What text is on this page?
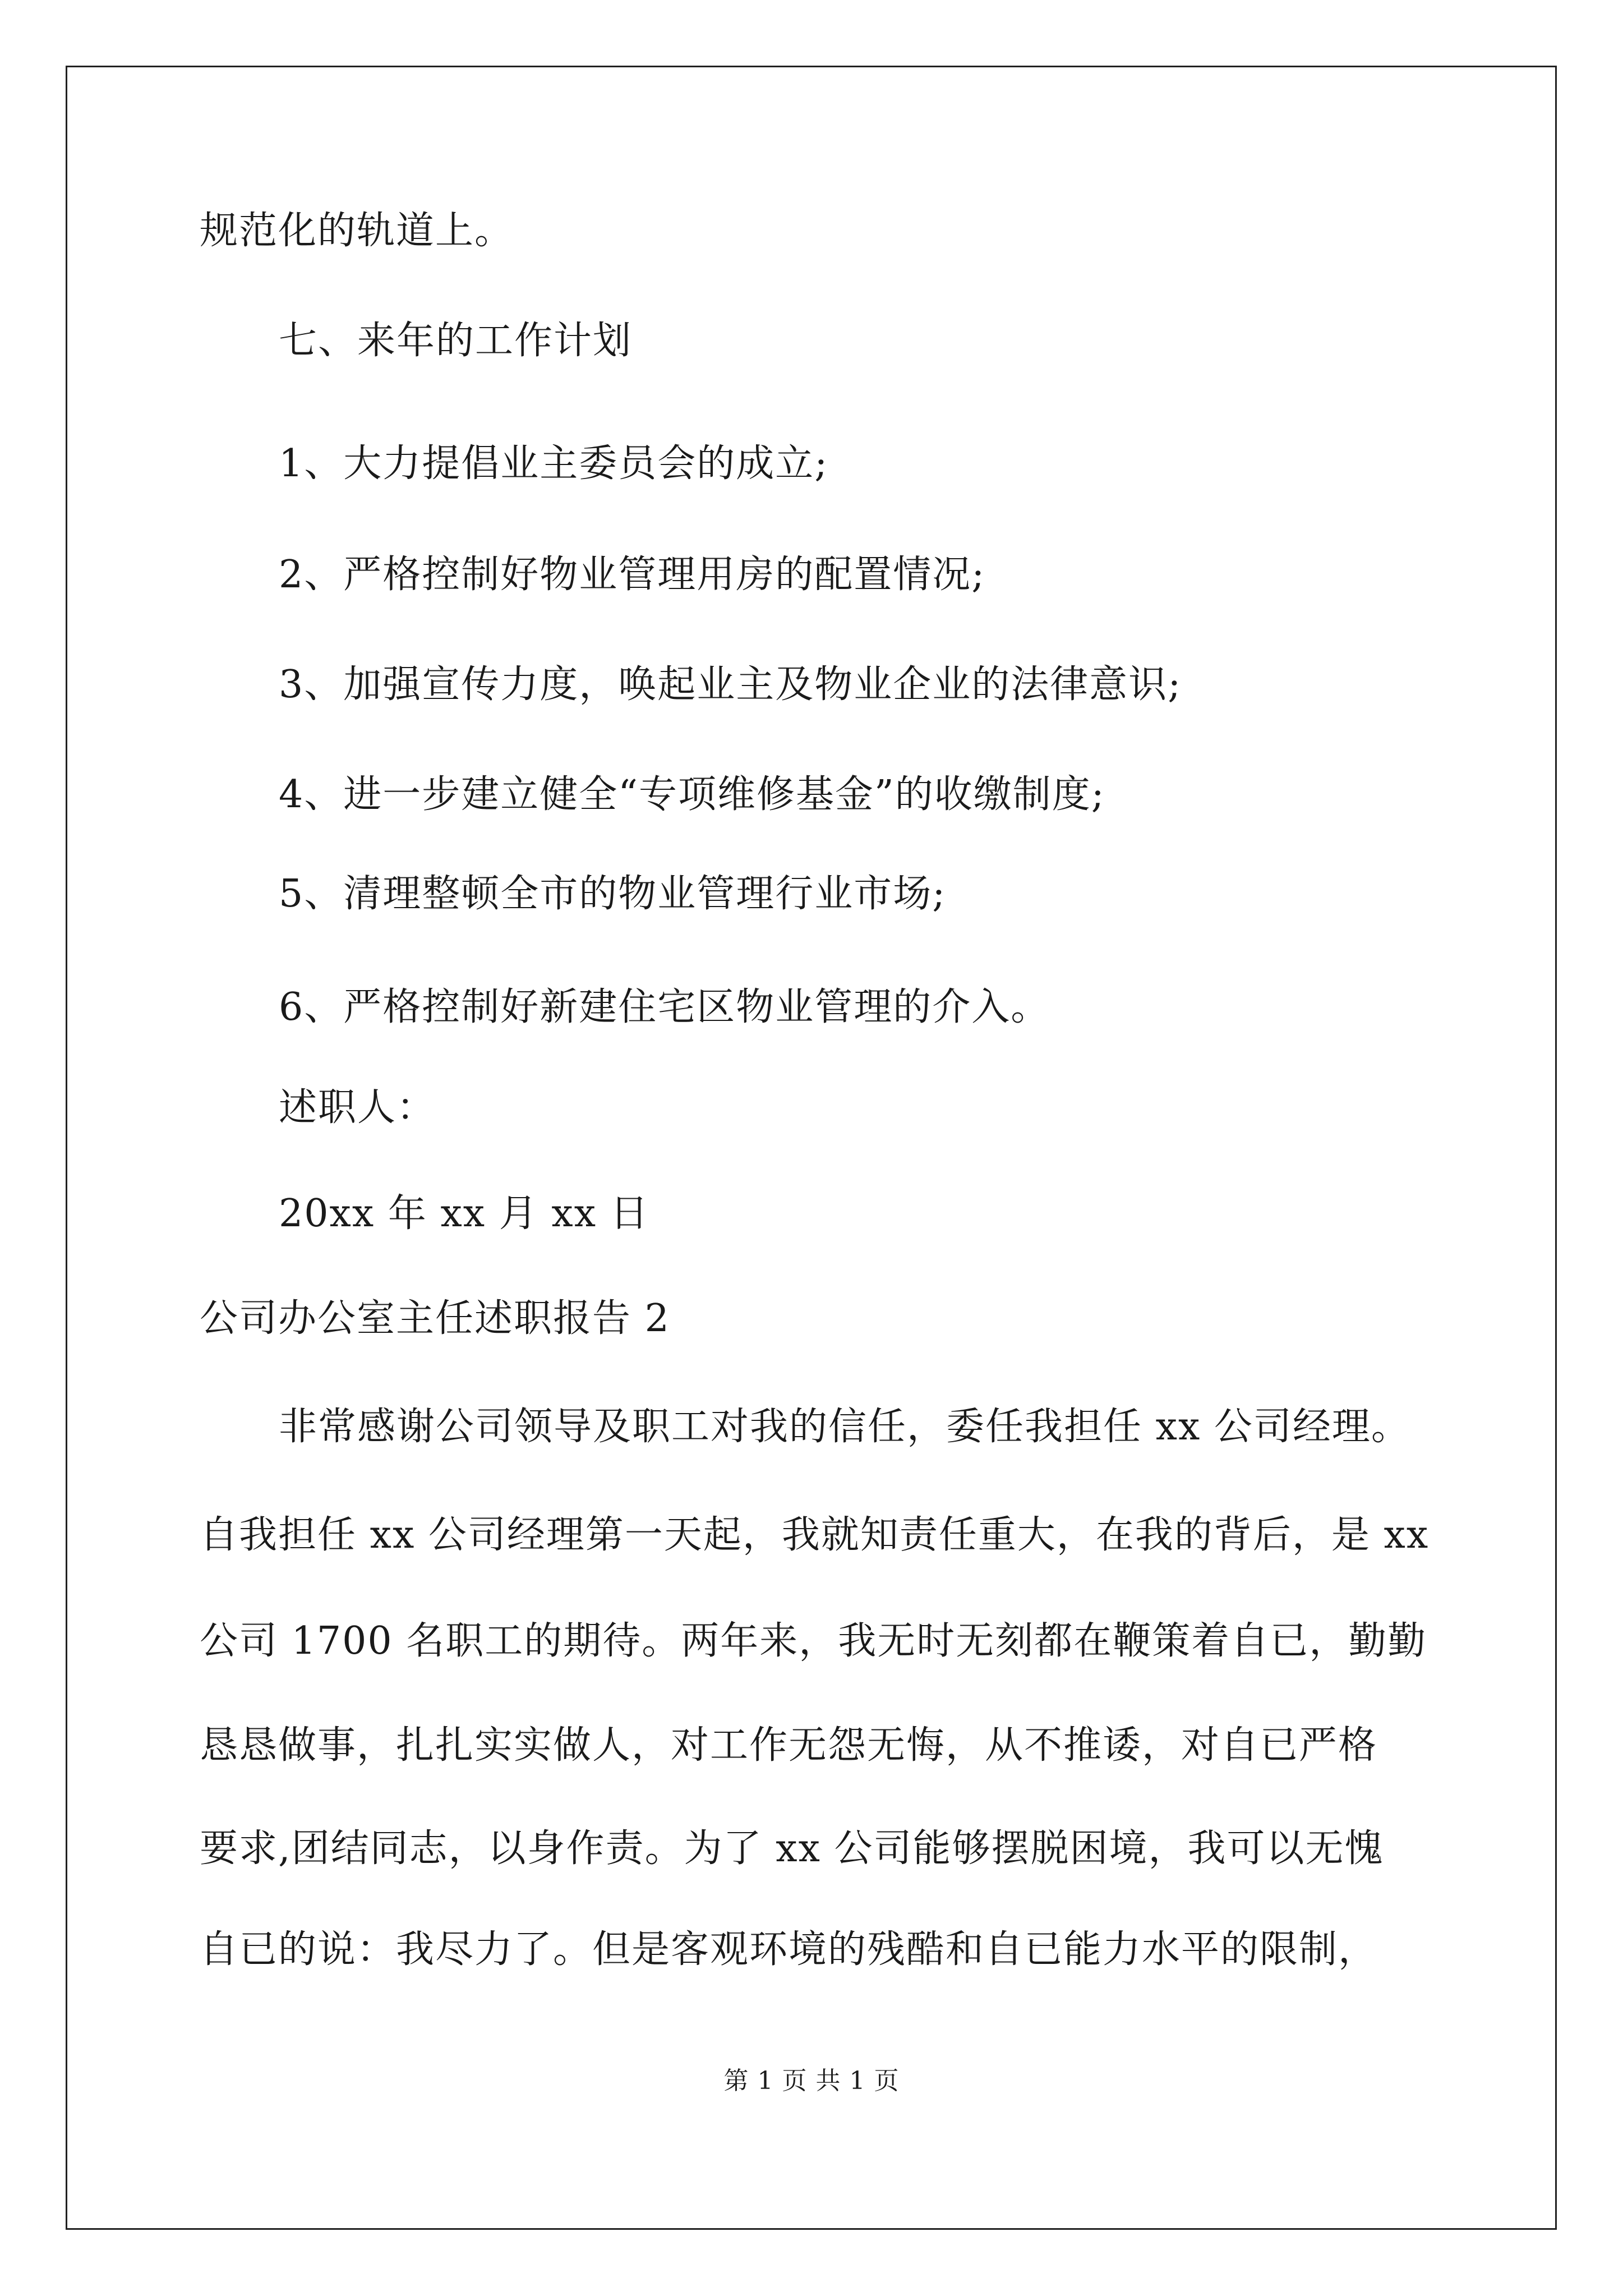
规范化的轨道上。

七、来年的工作计划

1、大力提倡业主委员会的成立;

2、严格控制好物业管理用房的配置情况;

3、加强宣传力度，唤起业主及物业企业的法律意识;

4、进一步建立健全“专项维修基金”的收缴制度;

5、清理整顿全市的物业管理行业市场;

6、严格控制好新建住宅区物业管理的介入。

述职人：

20xx 年 xx 月 xx 日

公司办公室主任述职报告 2

非常感谢公司领导及职工对我的信任，委任我担任 xx 公司经理。

自我担任 xx 公司经理第一天起，我就知责任重大，在我的背后，是 xx

公司 1700 名职工的期待。两年来，我无时无刻都在鞭策着自已，勤勤

恳恳做事，扎扎实实做人，对工作无怨无悔，从不推诿，对自已严格

要求,团结同志，以身作责。为了 xx 公司能够摆脱困境，我可以无愧

自已的说：我尽力了。但是客观环境的残酷和自已能力水平的限制，

第 1 页 共 1 页
